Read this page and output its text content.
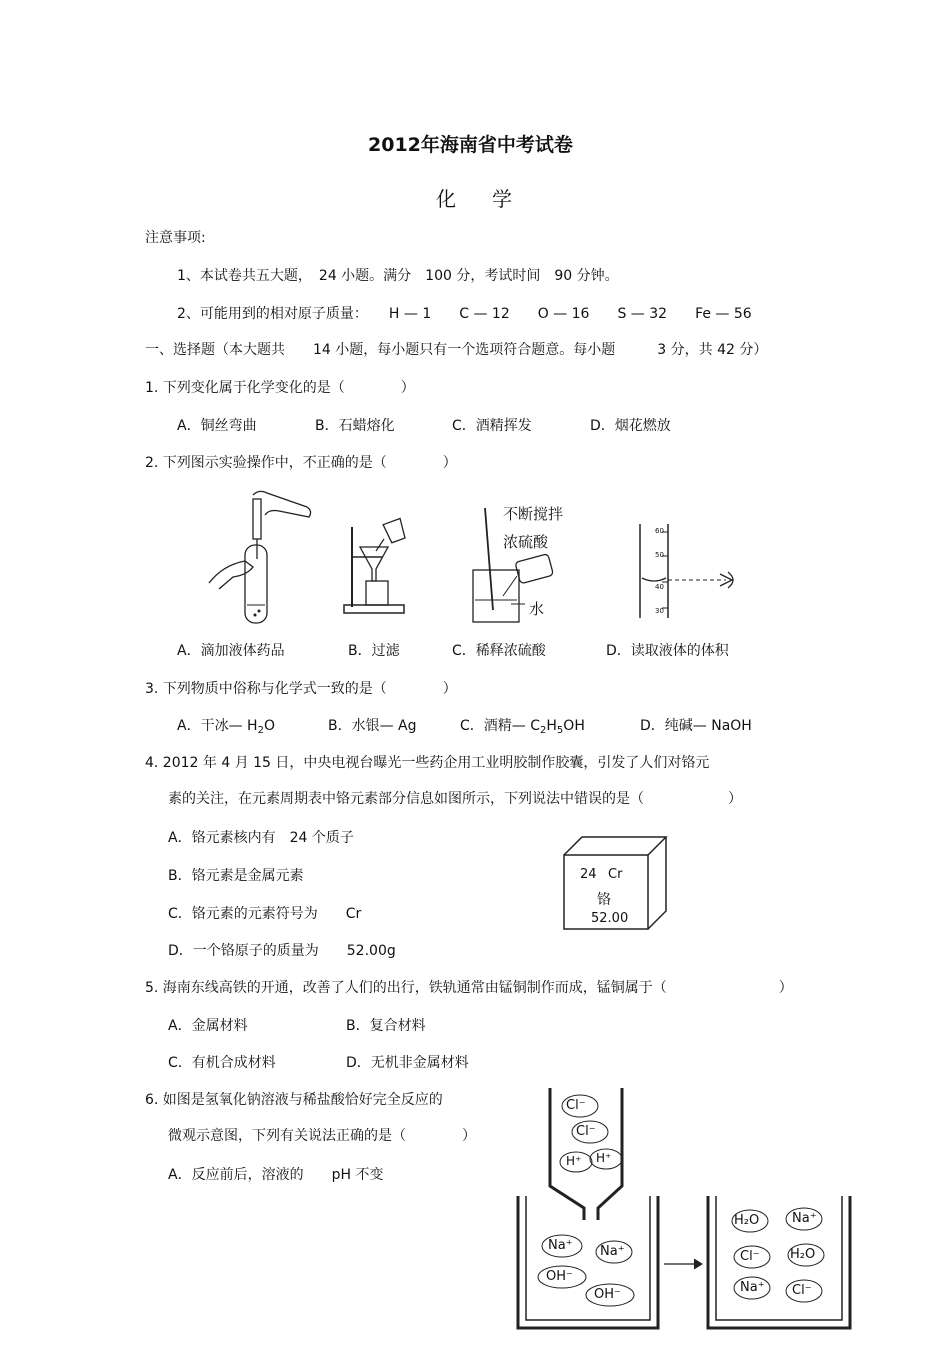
2012年海南省中考试卷
化 学
注意事项:
1、本试卷共五大题，　24 小题。满分　100 分，考试时间　90 分钟。
2、可能用到的相对原子质量：　　H — 1　　C — 12　　O — 16　　S — 32　　Fe — 56
一、选择题（本大题共　　14 小题，每小题只有一个选项符合题意。每小题　　　3 分，共 42 分）
1. 下列变化属于化学变化的是（　　　　）
A．铜丝弯曲	B．石蜡熔化	C．酒精挥发	D．烟花燃放
2. 下列图示实验操作中，不正确的是（　　　　）
不断搅拌
浓硫酸
水
60
50
40
30
A．滴加液体药品	B．过滤	C．稀释浓硫酸	D．读取液体的体积
3. 下列物质中俗称与化学式一致的是（　　　　）
A．干冰— $H_2O$	B．水银— Ag	C．酒精— $C_2H_5OH$	D．纯碱— NaOH
4. 2012 年 4 月 15 日，中央电视台曝光一些药企用工业明胶制作胶囊，引发了人们对铬元
素的关注，在元素周期表中铬元素部分信息如图所示，下列说法中错误的是（　　　　　　）
A．铬元素核内有　24 个质子
B．铬元素是金属元素
C．铬元素的元素符号为　　Cr
D．一个铬原子的质量为　　52.00g
24 Cr
铬
52.00
5. 海南东线高铁的开通，改善了人们的出行，铁轨通常由锰铜制作而成，锰铜属于（　　　　　　　　）
A．金属材料	B．复合材料
C．有机合成材料	D．无机非金属材料
6. 如图是氢氧化钠溶液与稀盐酸恰好完全反应的
微观示意图，下列有关说法正确的是（　　　　）
A．反应前后，溶液的　　pH 不变
Cl⁻
Cl⁻
H⁺ H⁺
Na⁺ Na⁺
OH⁻
OH⁻
H₂O	Na⁺
Cl⁻ H₂O
Na⁺ Cl⁻
